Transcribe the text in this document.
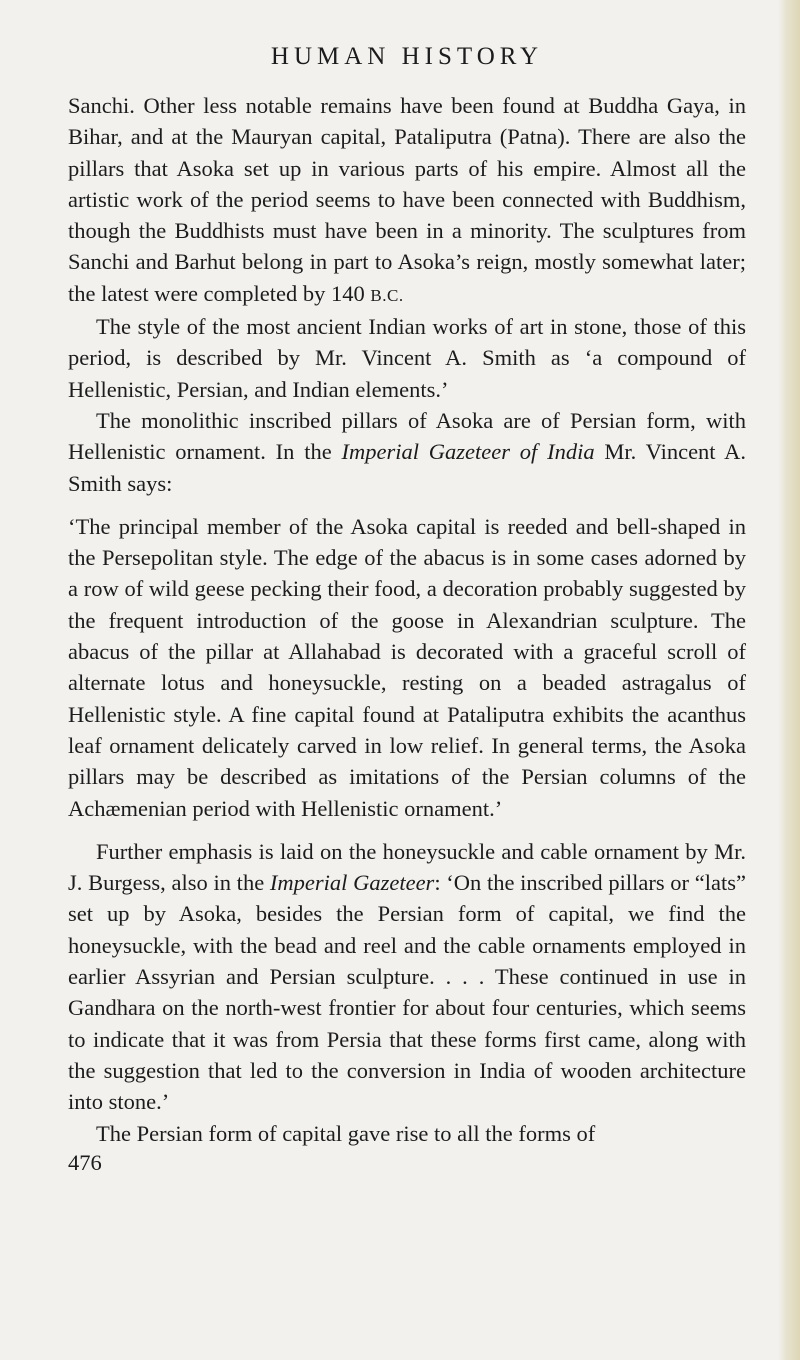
HUMAN HISTORY

Sanchi. Other less notable remains have been found at Buddha Gaya, in Bihar, and at the Mauryan capital, Pataliputra (Patna). There are also the pillars that Asoka set up in various parts of his empire. Almost all the artistic work of the period seems to have been connected with Buddhism, though the Buddhists must have been in a minority. The sculptures from Sanchi and Barhut belong in part to Asoka’s reign, mostly somewhat later; the latest were completed by 140 B.C.

The style of the most ancient Indian works of art in stone, those of this period, is described by Mr. Vincent A. Smith as ‘a compound of Hellenistic, Persian, and Indian elements.’

The monolithic inscribed pillars of Asoka are of Persian form, with Hellenistic ornament. In the Imperial Gazeteer of India Mr. Vincent A. Smith says:

‘The principal member of the Asoka capital is reeded and bell-shaped in the Persepolitan style. The edge of the abacus is in some cases adorned by a row of wild geese pecking their food, a decoration probably suggested by the frequent introduction of the goose in Alexandrian sculpture. The abacus of the pillar at Allahabad is decorated with a graceful scroll of alternate lotus and honeysuckle, resting on a beaded astragalus of Hellenistic style. A fine capital found at Pataliputra exhibits the acanthus leaf ornament delicately carved in low relief. In general terms, the Asoka pillars may be described as imitations of the Persian columns of the Achæmenian period with Hellenistic ornament.’

Further emphasis is laid on the honeysuckle and cable ornament by Mr. J. Burgess, also in the Imperial Gazeteer: ‘On the inscribed pillars or “lats” set up by Asoka, besides the Persian form of capital, we find the honeysuckle, with the bead and reel and the cable ornaments employed in earlier Assyrian and Persian sculpture. . . . These continued in use in Gandhara on the north-west frontier for about four centuries, which seems to indicate that it was from Persia that these forms first came, along with the suggestion that led to the conversion in India of wooden architecture into stone.’

The Persian form of capital gave rise to all the forms of

476
